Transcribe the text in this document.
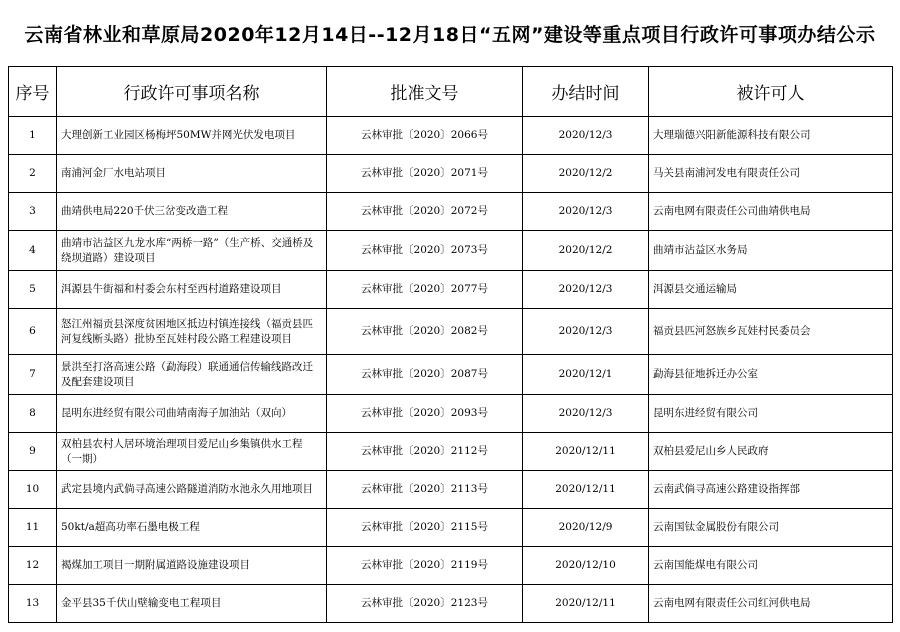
云南省林业和草原局2020年12月14日--12月18日“五网”建设等重点项目行政许可事项办结公示
序号	行政许可事项名称	批准文号	办结时间	被许可人
1	大理创新工业园区杨梅坪50MW并网光伏发电项目	云林审批〔2020〕2066号	2020/12/3	大理瑞德兴阳新能源科技有限公司
2	南浦河金厂水电站项目	云林审批〔2020〕2071号	2020/12/2	马关县南浦河发电有限责任公司
3	曲靖供电局220千伏三岔变改造工程	云林审批〔2020〕2072号	2020/12/3	云南电网有限责任公司曲靖供电局
4	曲靖市沾益区九龙水库“两桥一路”（生产桥、交通桥及绕坝道路）建设项目	云林审批〔2020〕2073号	2020/12/2	曲靖市沾益区水务局
5	洱源县牛街福和村委会东村至西村道路建设项目	云林审批〔2020〕2077号	2020/12/3	洱源县交通运输局
6	怒江州福贡县深度贫困地区抵边村镇连接线（福贡县匹河复线断头路）批协至瓦娃村段公路工程建设项目	云林审批〔2020〕2082号	2020/12/3	福贡县匹河怒族乡瓦娃村民委员会
7	景洪至打洛高速公路（勐海段）联通通信传输线路改迁及配套建设项目	云林审批〔2020〕2087号	2020/12/1	勐海县征地拆迁办公室
8	昆明东进经贸有限公司曲靖南海子加油站（双向）	云林审批〔2020〕2093号	2020/12/3	昆明东进经贸有限公司
9	双柏县农村人居环境治理项目爱尼山乡集镇供水工程（一期）	云林审批〔2020〕2112号	2020/12/11	双柏县爱尼山乡人民政府
10	武定县境内武倘寻高速公路隧道消防水池永久用地项目	云林审批〔2020〕2113号	2020/12/11	云南武倘寻高速公路建设指挥部
11	50kt/a超高功率石墨电极工程	云林审批〔2020〕2115号	2020/12/9	云南国钛金属股份有限公司
12	褐煤加工项目一期附属道路设施建设项目	云林审批〔2020〕2119号	2020/12/10	云南国能煤电有限公司
13	金平县35千伏山壁输变电工程项目	云林审批〔2020〕2123号	2020/12/11	云南电网有限责任公司红河供电局
